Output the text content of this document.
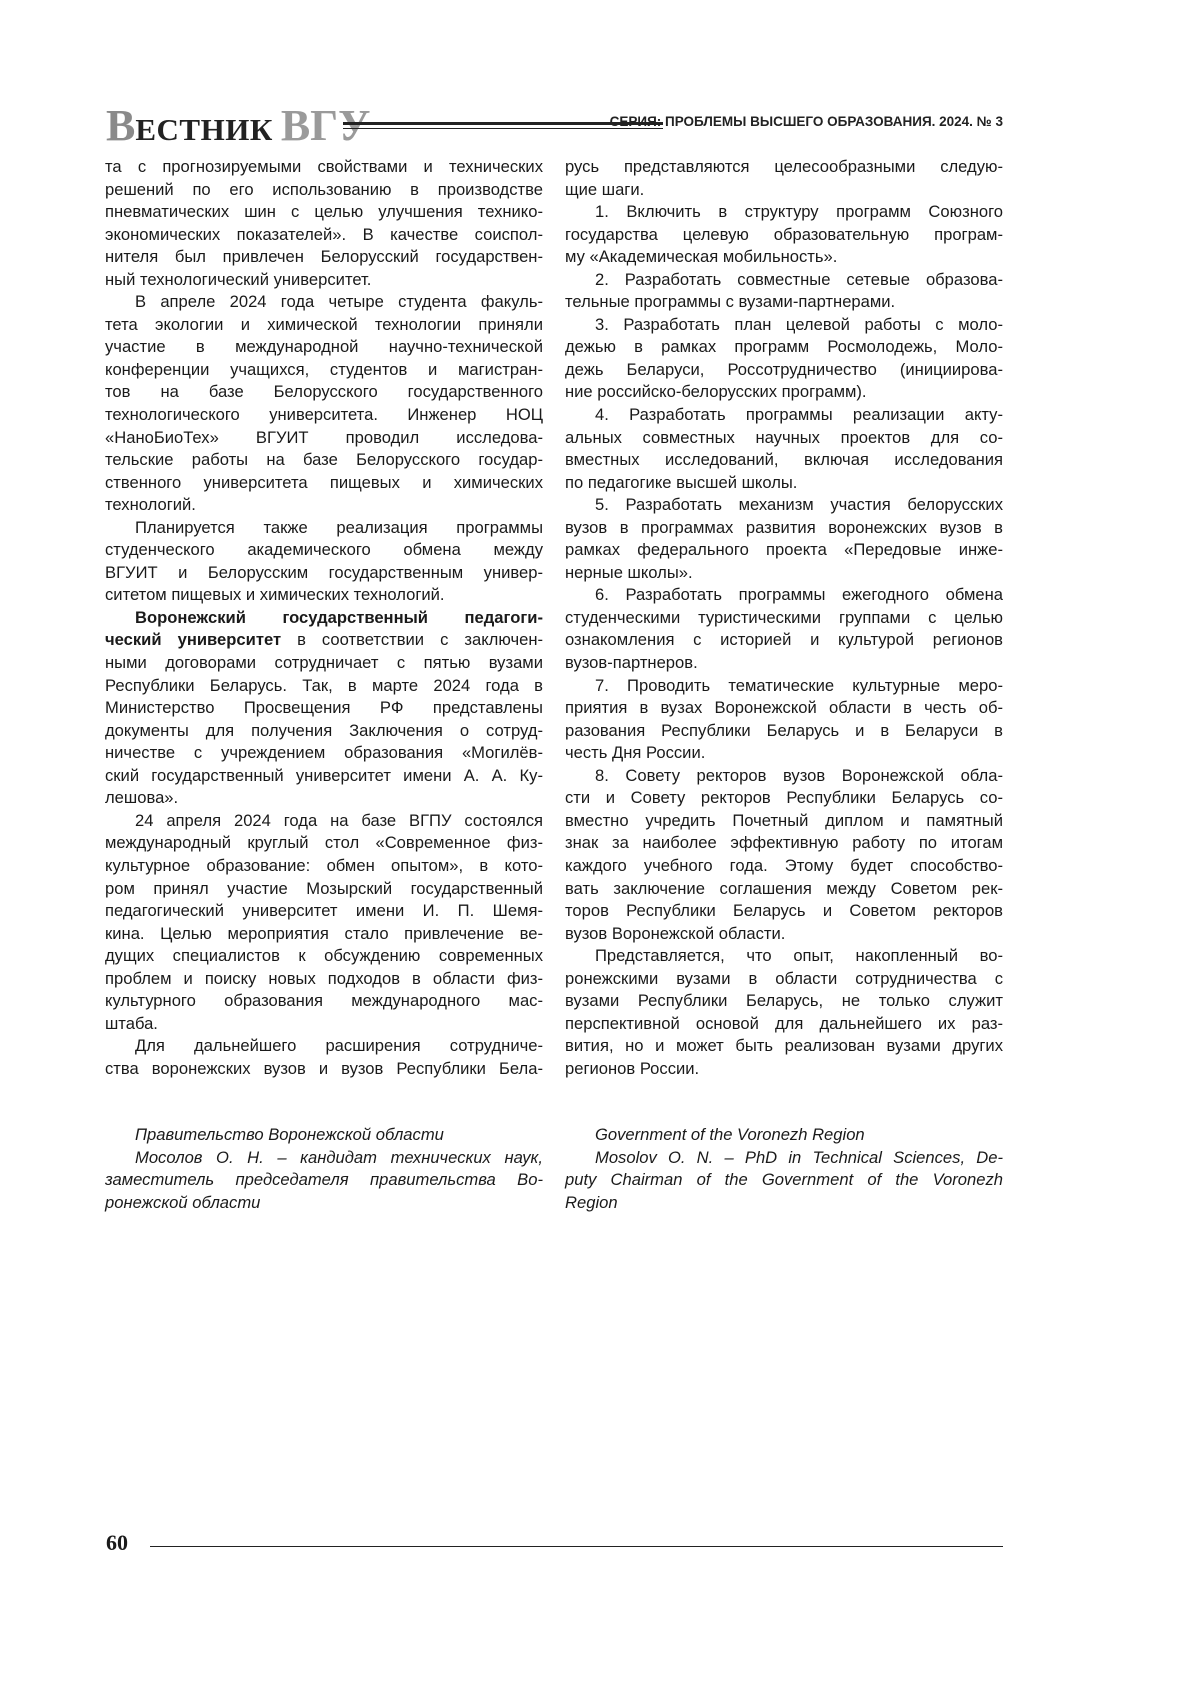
ВЕСТНИК ВГУ	СЕРИЯ: ПРОБЛЕМЫ ВЫСШЕГО ОБРАЗОВАНИЯ. 2024. № 3
та с прогнозируемыми свойствами и технических
решений по его использованию в производстве
пневматических шин с целью улучшения технико-
экономических показателей». В качестве соиспол-
нителя был привлечен Белорусский государствен-
ный технологический университет.
В апреле 2024 года четыре студента факуль-
тета экологии и химической технологии приняли
участие в международной научно-технической
конференции учащихся, студентов и магистран-
тов на базе Белорусского государственного
технологического университета. Инженер НОЦ
«НаноБиоТех» ВГУИТ проводил исследова-
тельские работы на базе Белорусского государ-
ственного университета пищевых и химических
технологий.
Планируется также реализация программы
студенческого академического обмена между
ВГУИТ и Белорусским государственным универ-
ситетом пищевых и химических технологий.
Воронежский государственный педагоги-
ческий университет в соответствии с заключен-
ными договорами сотрудничает с пятью вузами
Республики Беларусь. Так, в марте 2024 года в
Министерство Просвещения РФ представлены
документы для получения Заключения о сотруд-
ничестве с учреждением образования «Могилёв-
ский государственный университет имени А. А. Ку-
лешова».
24 апреля 2024 года на базе ВГПУ состоялся
международный круглый стол «Современное физ-
культурное образование: обмен опытом», в кото-
ром принял участие Мозырский государственный
педагогический университет имени И. П. Шемя-
кина. Целью мероприятия стало привлечение ве-
дущих специалистов к обсуждению современных
проблем и поиску новых подходов в области физ-
культурного образования международного мас-
штаба.
Для дальнейшего расширения сотрудниче-
ства воронежских вузов и вузов Республики Бела-
русь представляются целесообразными следую-
щие шаги.
1. Включить в структуру программ Союзного
государства целевую образовательную програм-
му «Академическая мобильность».
2. Разработать совместные сетевые образова-
тельные программы с вузами-партнерами.
3. Разработать план целевой работы с моло-
дежью в рамках программ Росмолодежь, Моло-
дежь Беларуси, Россотрудничество (инициирова-
ние российско-белорусских программ).
4. Разработать программы реализации акту-
альных совместных научных проектов для со-
вместных исследований, включая исследования
по педагогике высшей школы.
5. Разработать механизм участия белорусских
вузов в программах развития воронежских вузов в
рамках федерального проекта «Передовые инже-
нерные школы».
6. Разработать программы ежегодного обмена
студенческими туристическими группами с целью
ознакомления с историей и культурой регионов
вузов-партнеров.
7. Проводить тематические культурные меро-
приятия в вузах Воронежской области в честь об-
разования Республики Беларусь и в Беларуси в
честь Дня России.
8. Совету ректоров вузов Воронежской обла-
сти и Совету ректоров Республики Беларусь со-
вместно учредить Почетный диплом и памятный
знак за наиболее эффективную работу по итогам
каждого учебного года. Этому будет способство-
вать заключение соглашения между Советом рек-
торов Республики Беларусь и Советом ректоров
вузов Воронежской области.
Представляется, что опыт, накопленный во-
ронежскими вузами в области сотрудничества с
вузами Республики Беларусь, не только служит
перспективной основой для дальнейшего их раз-
вития, но и может быть реализован вузами других
регионов России.
Правительство Воронежской области
Мосолов О. Н. – кандидат технических наук,
заместитель председателя правительства Во-
ронежской области
Government of the Voronezh Region
Mosolov O. N. – PhD in Technical Sciences, De-
puty Chairman of the Government of the Voronezh
Region
60
